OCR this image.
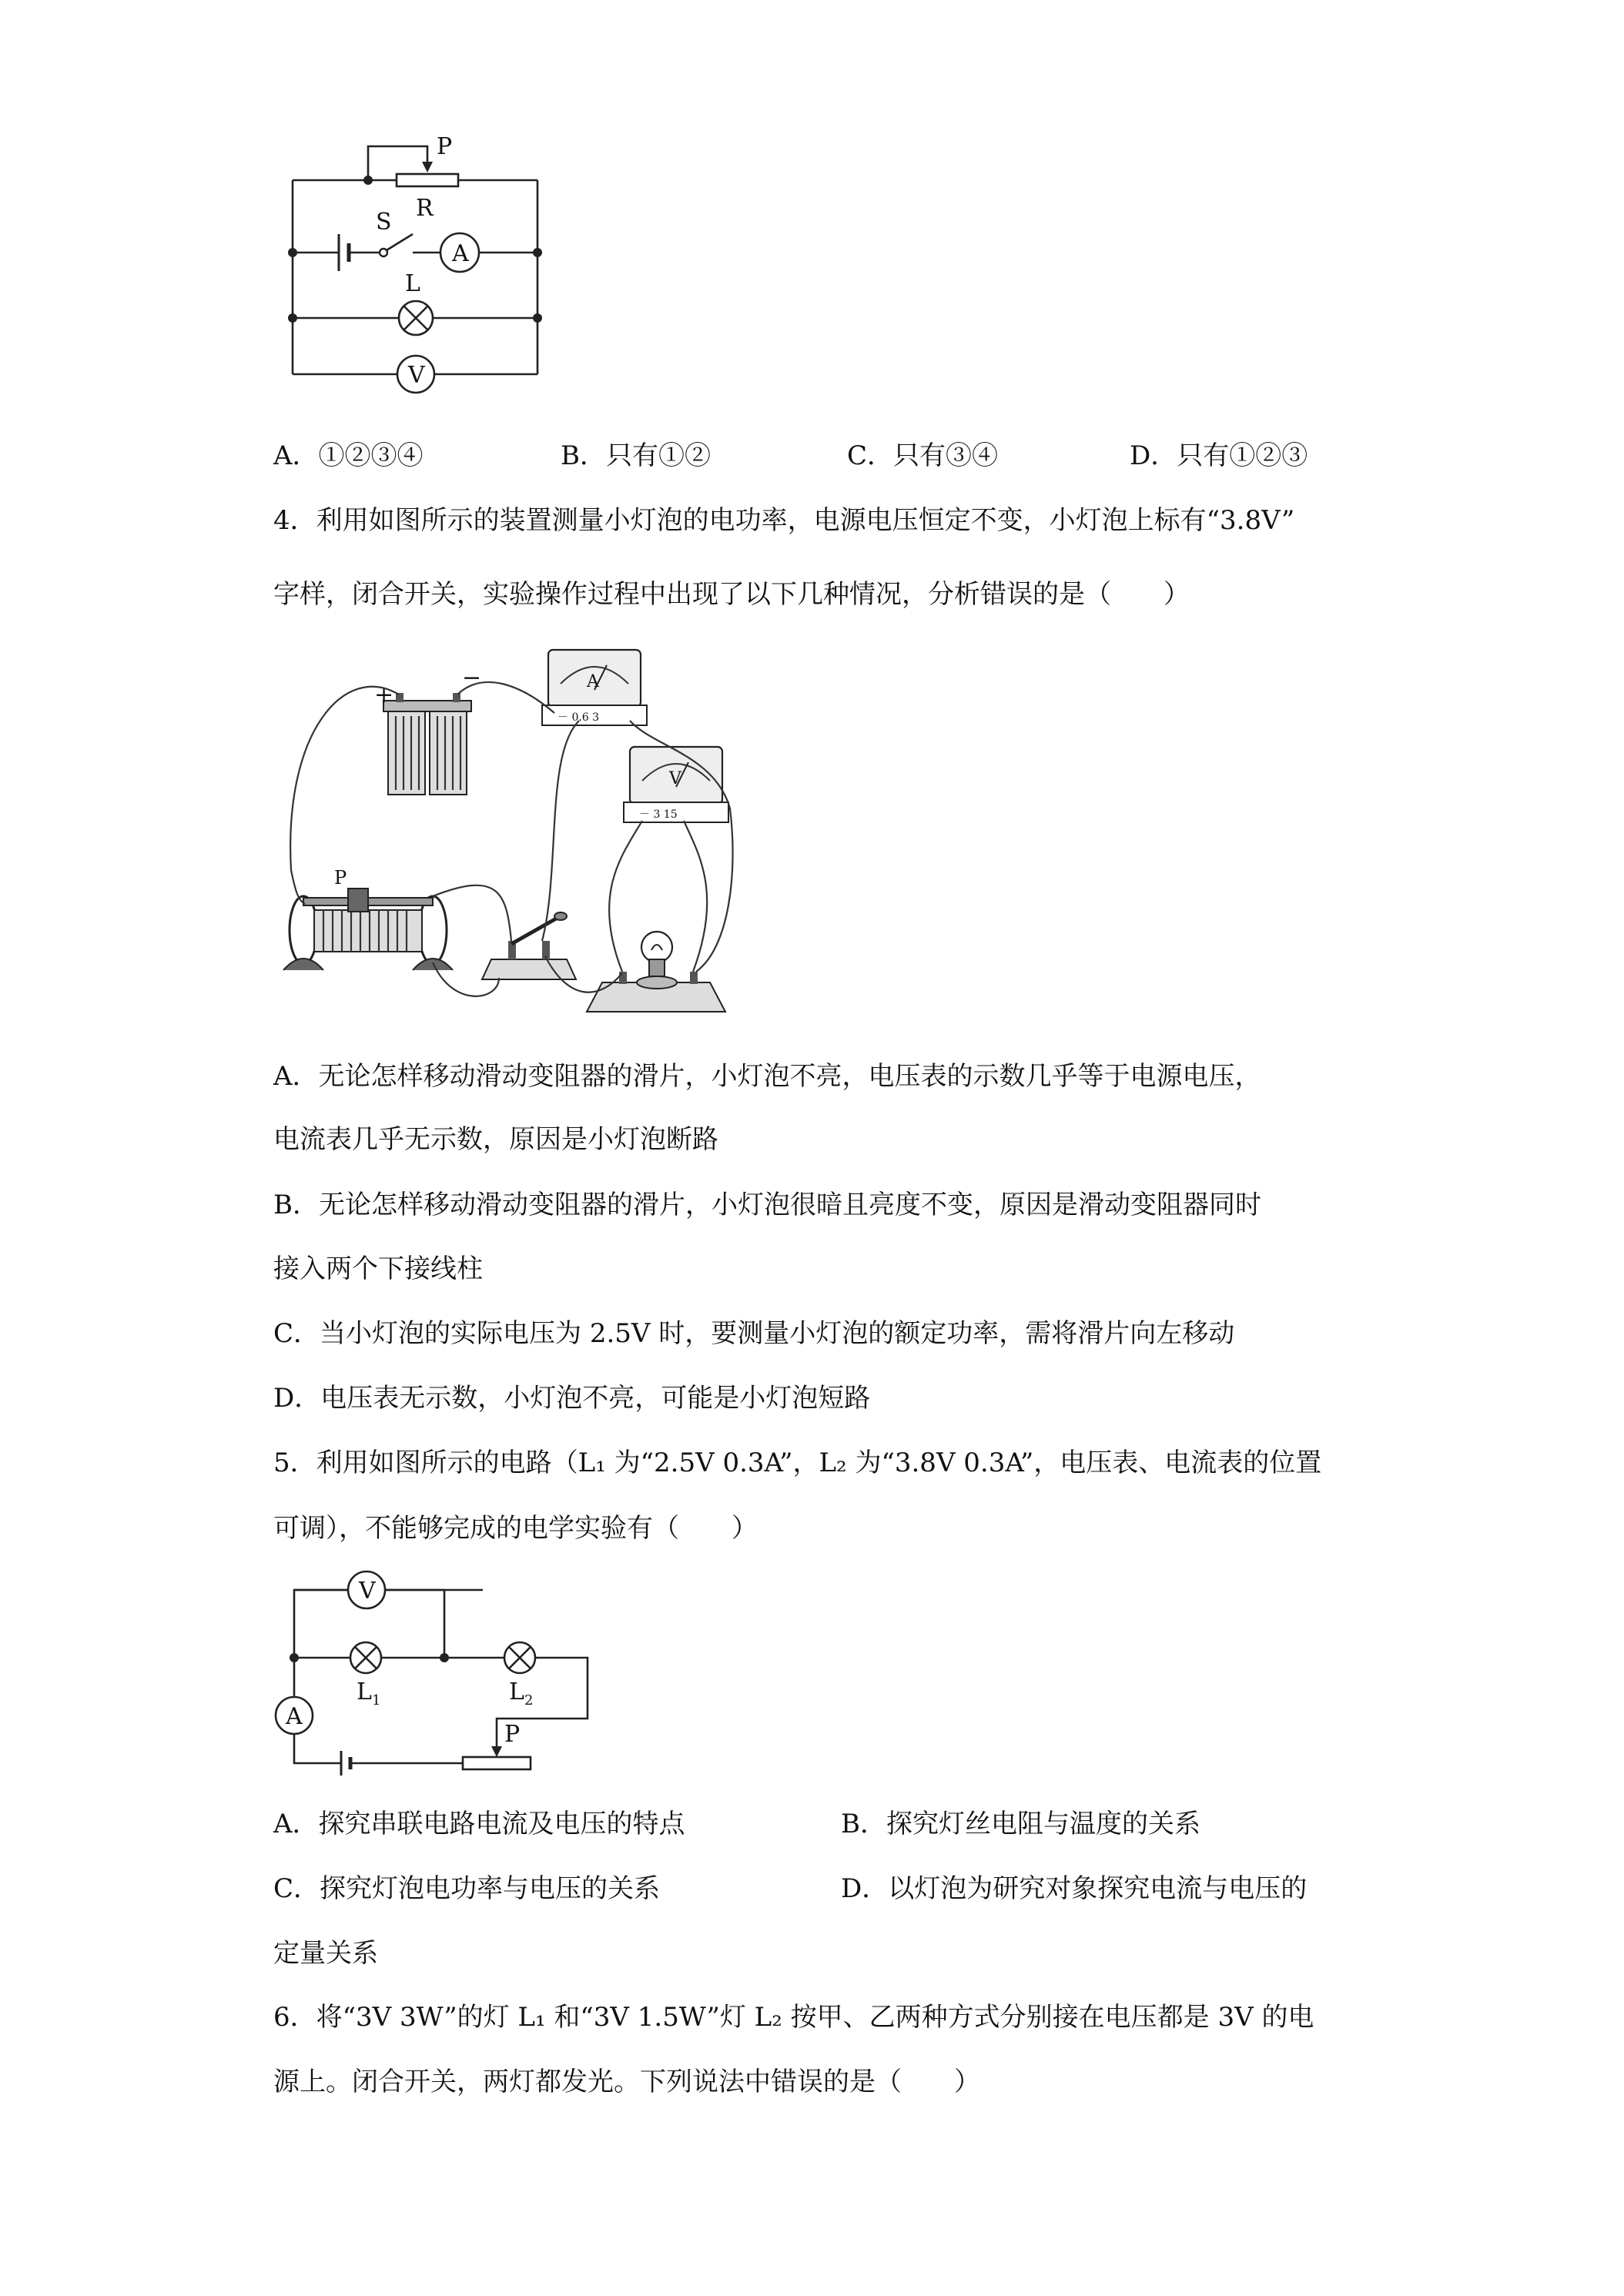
P
R
S
A
L
V
A．①②③④	B．只有①②	C．只有③④	D．只有①②③

4．利用如图所示的装置测量小灯泡的电功率，电源电压恒定不变，小灯泡上标有“3.8V”

字样，闭合开关，实验操作过程中出现了以下几种情况，分析错误的是（　　）

+
−	A
－ 0.6 3
V
－ 3 15
P

A．无论怎样移动滑动变阻器的滑片，小灯泡不亮，电压表的示数几乎等于电源电压，

电流表几乎无示数，原因是小灯泡断路

B．无论怎样移动滑动变阻器的滑片，小灯泡很暗且亮度不变，原因是滑动变阻器同时

接入两个下接线柱

C．当小灯泡的实际电压为 2.5V 时，要测量小灯泡的额定功率，需将滑片向左移动

D．电压表无示数，小灯泡不亮，可能是小灯泡短路

5．利用如图所示的电路（L₁ 为“2.5V 0.3A”，L₂ 为“3.8V 0.3A”，电压表、电流表的位置

可调），不能够完成的电学实验有（　　）

V
L 1	L 2
A
P
A．探究串联电路电流及电压的特点	B．探究灯丝电阻与温度的关系
C．探究灯泡电功率与电压的关系	D．以灯泡为研究对象探究电流与电压的

定量关系

6．将“3V 3W”的灯 L₁ 和“3V 1.5W”灯 L₂ 按甲、乙两种方式分别接在电压都是 3V 的电

源上。闭合开关，两灯都发光。下列说法中错误的是（　　）
